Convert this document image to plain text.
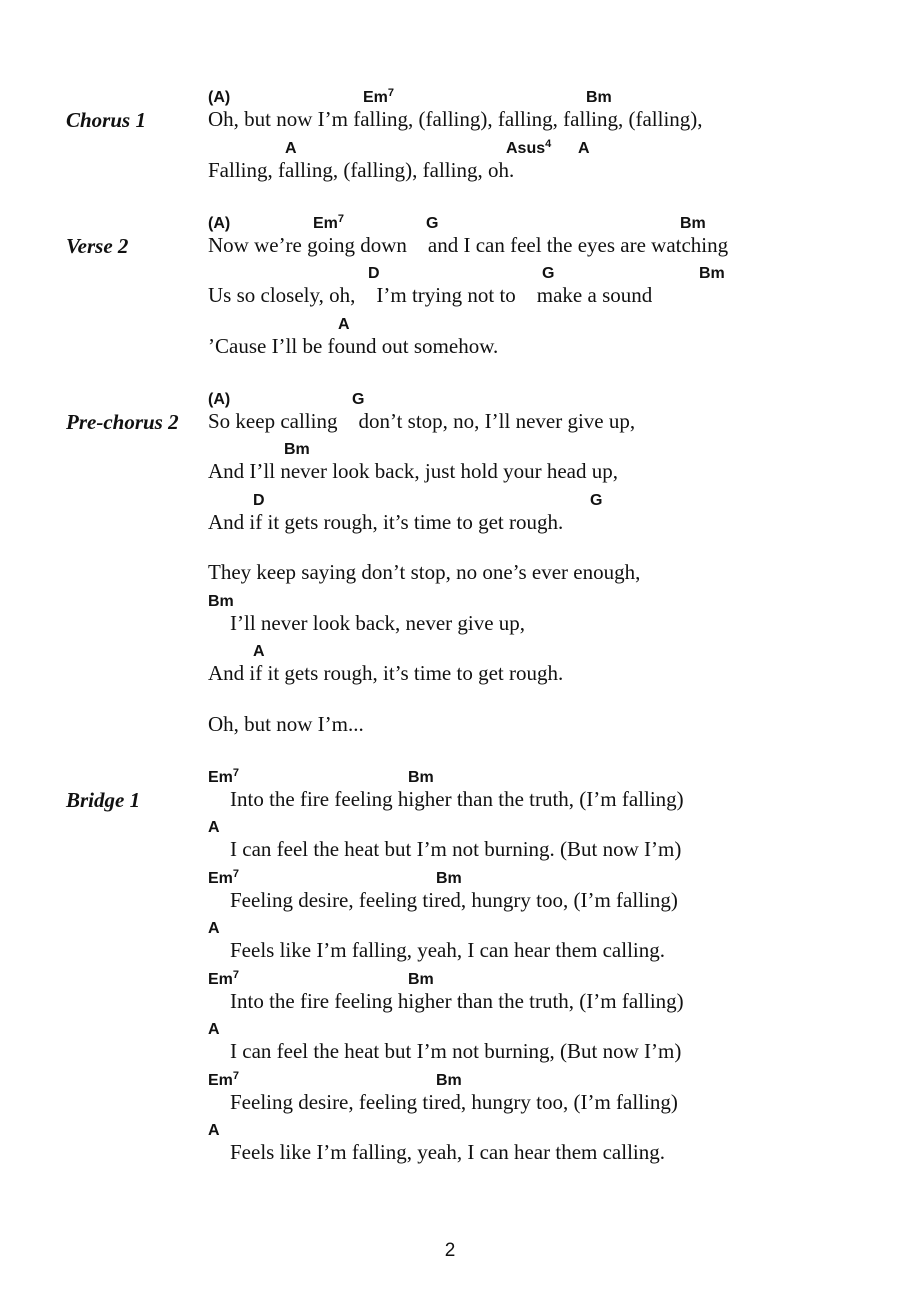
Chorus 1
(A)	Em$^7$	Bm
Oh, but now I’m falling, (falling), falling, falling, (falling),
A	Asus$^4$ A
Falling, falling, (falling), falling, oh.
Verse 2
(A)	Em$^7$	G	Bm
Now we’re going down    and I can feel the eyes are watching
D	G	Bm
Us so closely, oh,    I’m trying not to    make a sound
A
’Cause I’ll be found out somehow.
Pre-chorus 2
(A)	G
So keep calling    don’t stop, no, I’ll never give up,
Bm
And I’ll never look back, just hold your head up,
D	G
And if it gets rough, it’s time to get rough.
They keep saying don’t stop, no one’s ever enough,
Bm
I’ll never look back, never give up,
A
And if it gets rough, it’s time to get rough.
Oh, but now I’m...
Bridge 1
Em$^7$	Bm
Into the fire feeling higher than the truth, (I’m falling)
A
I can feel the heat but I’m not burning. (But now I’m)
Em$^7$	Bm
Feeling desire, feeling tired, hungry too, (I’m falling)
A
Feels like I’m falling, yeah, I can hear them calling.
Em$^7$	Bm
Into the fire feeling higher than the truth, (I’m falling)
A
I can feel the heat but I’m not burning, (But now I’m)
Em$^7$	Bm
Feeling desire, feeling tired, hungry too, (I’m falling)
A
Feels like I’m falling, yeah, I can hear them calling.
2
